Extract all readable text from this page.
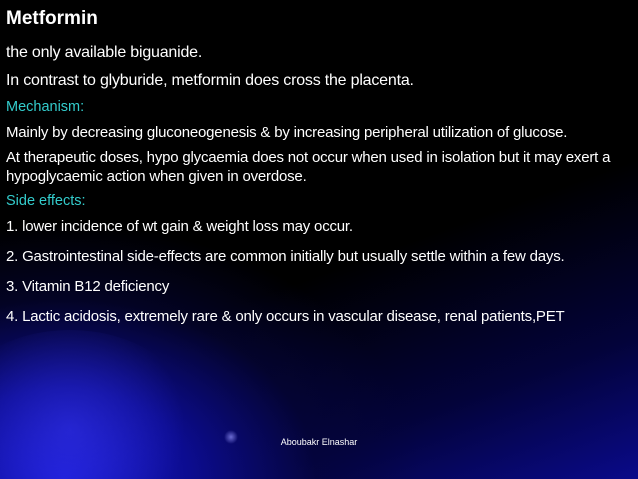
Metformin
the only available biguanide.
In contrast to glyburide, metformin does cross the placenta.
Mechanism:
Mainly by decreasing gluconeogenesis & by increasing peripheral utilization of glucose.
At therapeutic doses, hypo glycaemia does not occur when used in isolation but it may exert a hypoglycaemic action when given in overdose.
Side effects:
1. lower incidence of wt gain & weight loss may occur.
2. Gastrointestinal side-effects are common initially but usually settle within a few days.
3. Vitamin B12 deficiency
4. Lactic acidosis, extremely rare & only occurs in vascular disease, renal patients,PET
Aboubakr Elnashar
